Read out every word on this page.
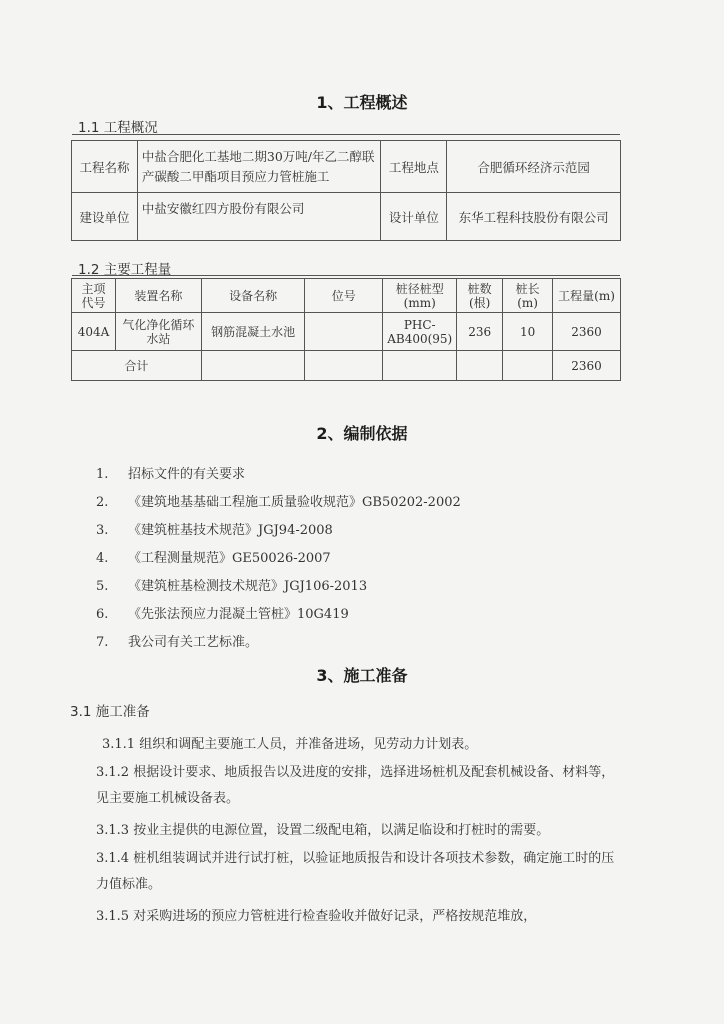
1、工程概述
1.1 工程概况
工程名称	中盐合肥化工基地二期30万吨/年乙二醇联产碳酸二甲酯项目预应力管桩施工	工程地点	合肥循环经济示范园
建设单位	中盐安徽红四方股份有限公司	设计单位	东华工程科技股份有限公司
1.2 主要工程量
主项代号	装置名称	设备名称	位号	桩径桩型(mm)	桩数(根)	桩长(m)	工程量(m)
404A	气化净化循环水站	钢筋混凝土水池		PHC-AB400(95)	236	10	2360
合计							2360
2、编制依据
1. 招标文件的有关要求
2. 《建筑地基基础工程施工质量验收规范》GB50202-2002
3. 《建筑桩基技术规范》JGJ94-2008
4. 《工程测量规范》GE50026-2007
5. 《建筑桩基检测技术规范》JGJ106-2013
6. 《先张法预应力混凝土管桩》10G419
7. 我公司有关工艺标准。
3、施工准备
3.1 施工准备
3.1.1 组织和调配主要施工人员，并准备进场，见劳动力计划表。
3.1.2 根据设计要求、地质报告以及进度的安排，选择进场桩机及配套机械设备、材料等，见主要施工机械设备表。
3.1.3 按业主提供的电源位置，设置二级配电箱，以满足临设和打桩时的需要。
3.1.4 桩机组装调试并进行试打桩，以验证地质报告和设计各项技术参数，确定施工时的压力值标准。
3.1.5 对采购进场的预应力管桩进行检查验收并做好记录，严格按规范堆放，
